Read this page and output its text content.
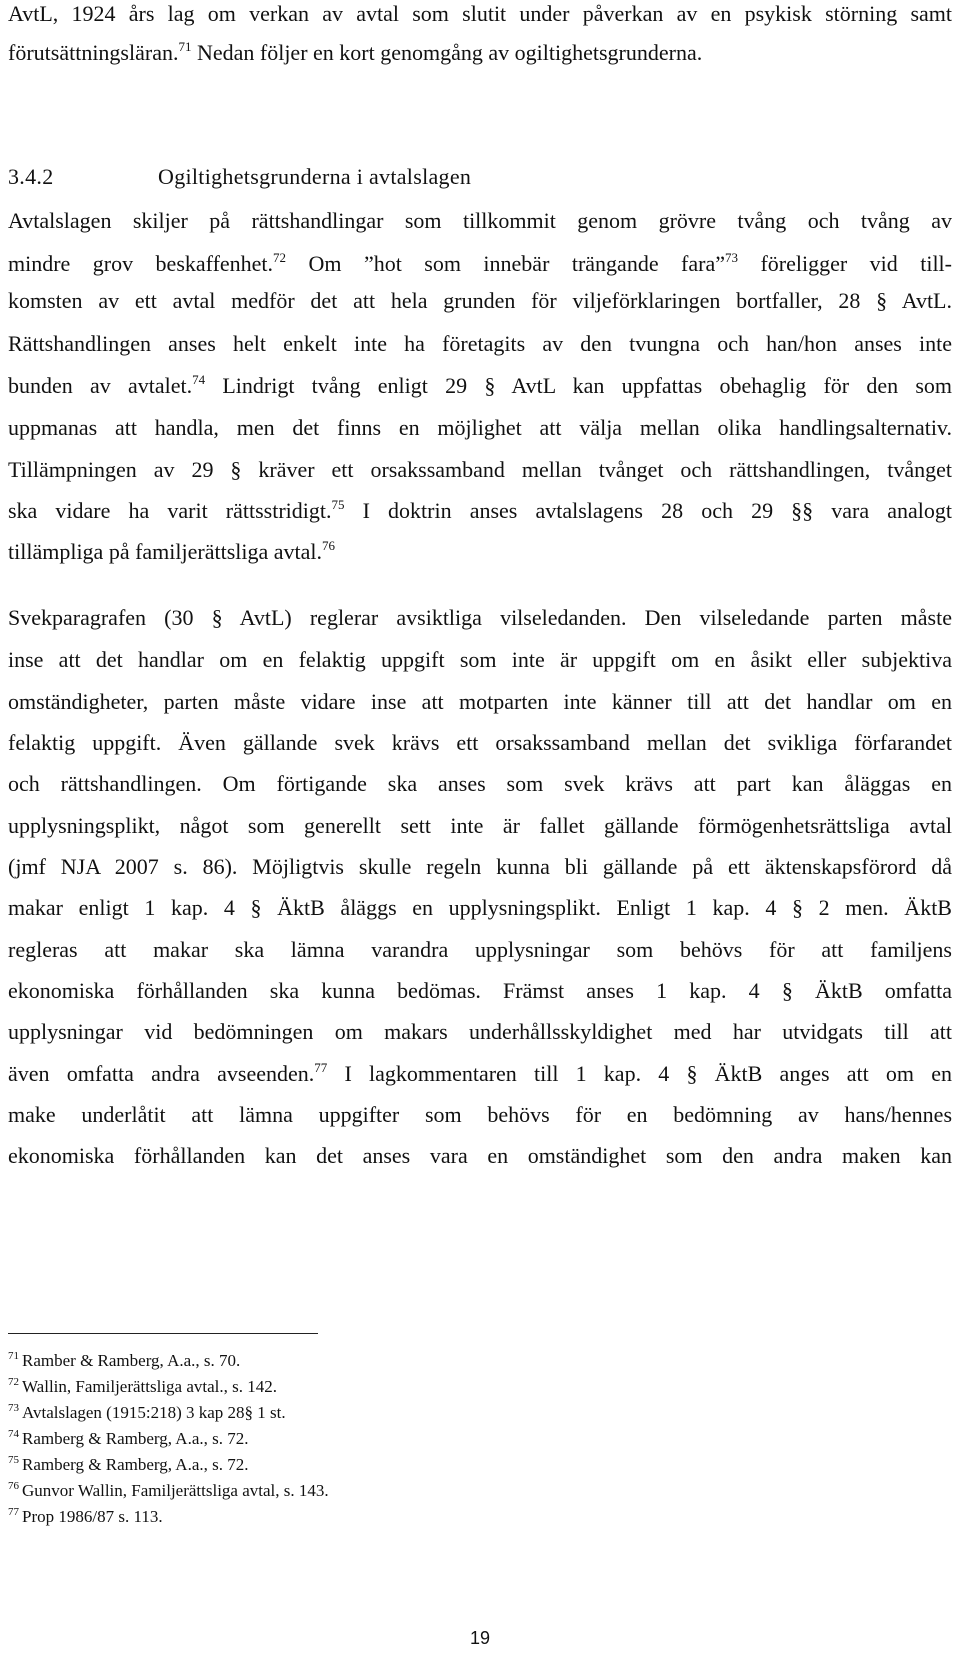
AvtL, 1924 års lag om verkan av avtal som slutit under påverkan av en psykisk störning samt
förutsättningsläran.$^{71}$ Nedan följer en kort genomgång av ogiltighetsgrunderna.
3.4.2	Ogiltighetsgrunderna i avtalslagen
Avtalslagen skiljer på rättshandlingar som tillkommit genom grövre tvång och tvång av
mindre grov beskaffenhet.$^{72}$ Om ”hot som innebär trängande fara”$^{73}$ föreligger vid till-
komsten av ett avtal medför det att hela grunden för viljeförklaringen bortfaller, 28 § AvtL.
Rättshandlingen anses helt enkelt inte ha företagits av den tvungna och han/hon anses inte
bunden av avtalet.$^{74}$ Lindrigt tvång enligt 29 § AvtL kan uppfattas obehaglig för den som
uppmanas att handla, men det finns en möjlighet att välja mellan olika handlingsalternativ.
Tillämpningen av 29 § kräver ett orsakssamband mellan tvånget och rättshandlingen, tvånget
ska vidare ha varit rättsstridigt.$^{75}$ I doktrin anses avtalslagens 28 och 29 §§ vara analogt
tillämpliga på familjerättsliga avtal.$^{76}$
Svekparagrafen (30 § AvtL) reglerar avsiktliga vilseledanden. Den vilseledande parten måste
inse att det handlar om en felaktig uppgift som inte är uppgift om en åsikt eller subjektiva
omständigheter, parten måste vidare inse att motparten inte känner till att det handlar om en
felaktig uppgift. Även gällande svek krävs ett orsakssamband mellan det svikliga förfarandet
och rättshandlingen. Om förtigande ska anses som svek krävs att part kan åläggas en
upplysningsplikt, något som generellt sett inte är fallet gällande förmögenhetsrättsliga avtal
(jmf NJA 2007 s. 86). Möjligtvis skulle regeln kunna bli gällande på ett äktenskapsförord då
makar enligt 1 kap. 4 § ÄktB åläggs en upplysningsplikt. Enligt 1 kap. 4 § 2 men. ÄktB
regleras att makar ska lämna varandra upplysningar som behövs för att familjens
ekonomiska förhållanden ska kunna bedömas. Främst anses 1 kap. 4 § ÄktB omfatta
upplysningar vid bedömningen om makars underhållsskyldighet med har utvidgats till att
även omfatta andra avseenden.$^{77}$ I lagkommentaren till 1 kap. 4 § ÄktB anges att om en
make underlåtit att lämna uppgifter som behövs för en bedömning av hans/hennes
ekonomiska förhållanden kan det anses vara en omständighet som den andra maken kan
$^{71}$ Ramber & Ramberg, A.a., s. 70.
$^{72}$ Wallin, Familjerättsliga avtal., s. 142.
$^{73}$ Avtalslagen (1915:218) 3 kap 28§ 1 st.
$^{74}$ Ramberg & Ramberg, A.a., s. 72.
$^{75}$ Ramberg & Ramberg, A.a., s. 72.
$^{76}$ Gunvor Wallin, Familjerättsliga avtal, s. 143.
$^{77}$ Prop 1986/87 s. 113.
19
